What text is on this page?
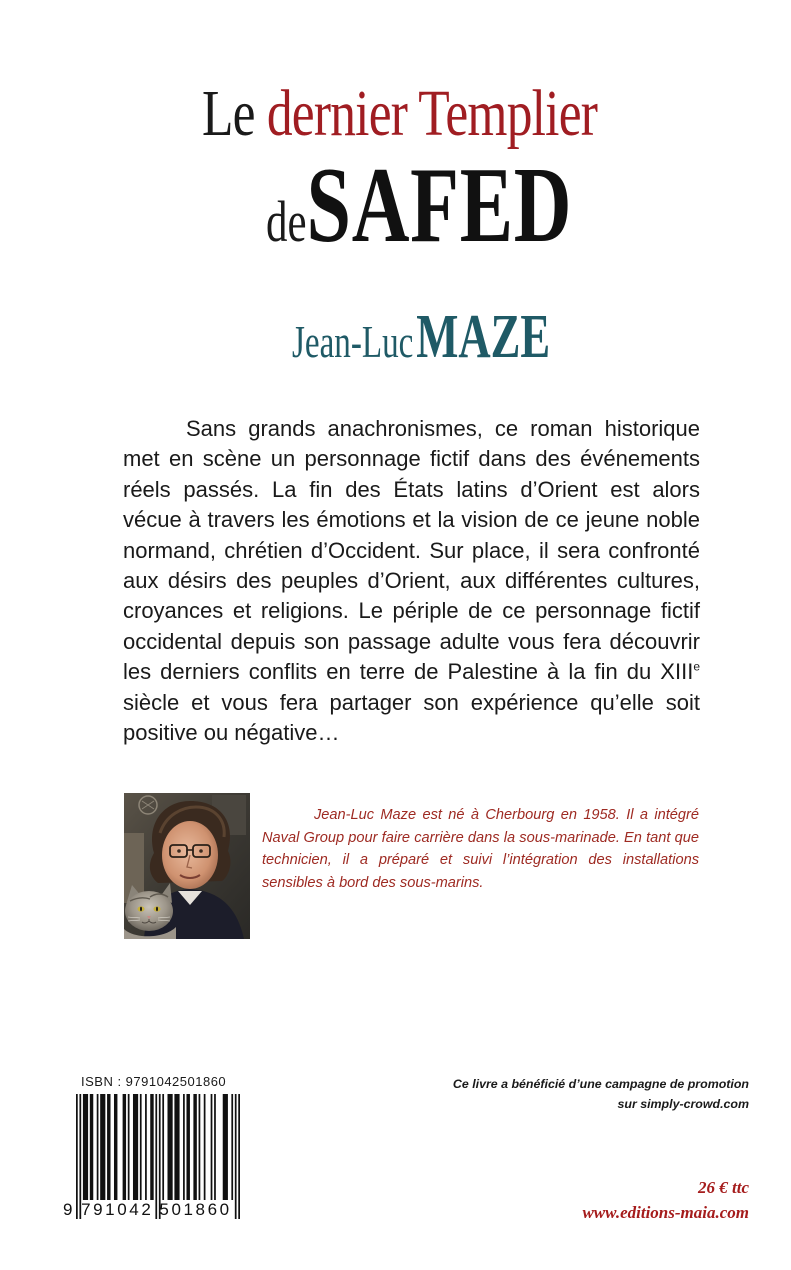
Le dernier Templier
deSAFED
Jean-Luc MAZE

Sans grands anachronismes, ce roman historique met en scène un personnage fictif dans des événements réels passés. La fin des États latins d’Orient est alors vécue à travers les émotions et la vision de ce jeune noble normand, chrétien d’Occident. Sur place, il sera confronté aux désirs des peuples d’Orient, aux différentes cultures, croyances et religions. Le périple de ce personnage fictif occidental depuis son passage adulte vous fera découvrir les derniers conflits en terre de Palestine à la fin du XIIIe siècle et vous fera partager son expérience qu’elle soit positive ou négative…

Jean-Luc Maze est né à Cherbourg en 1958. Il a intégré Naval Group pour faire carrière dans la sous-marinade. En tant que technicien, il a préparé et suivi l’intégration des installations sensibles à bord des sous-marins.

ISBN : 9791042501860
9 791042 501860
Ce livre a bénéficié d’une campagne de promotion
sur simply-crowd.com
26 € ttc
www.editions-maia.com
